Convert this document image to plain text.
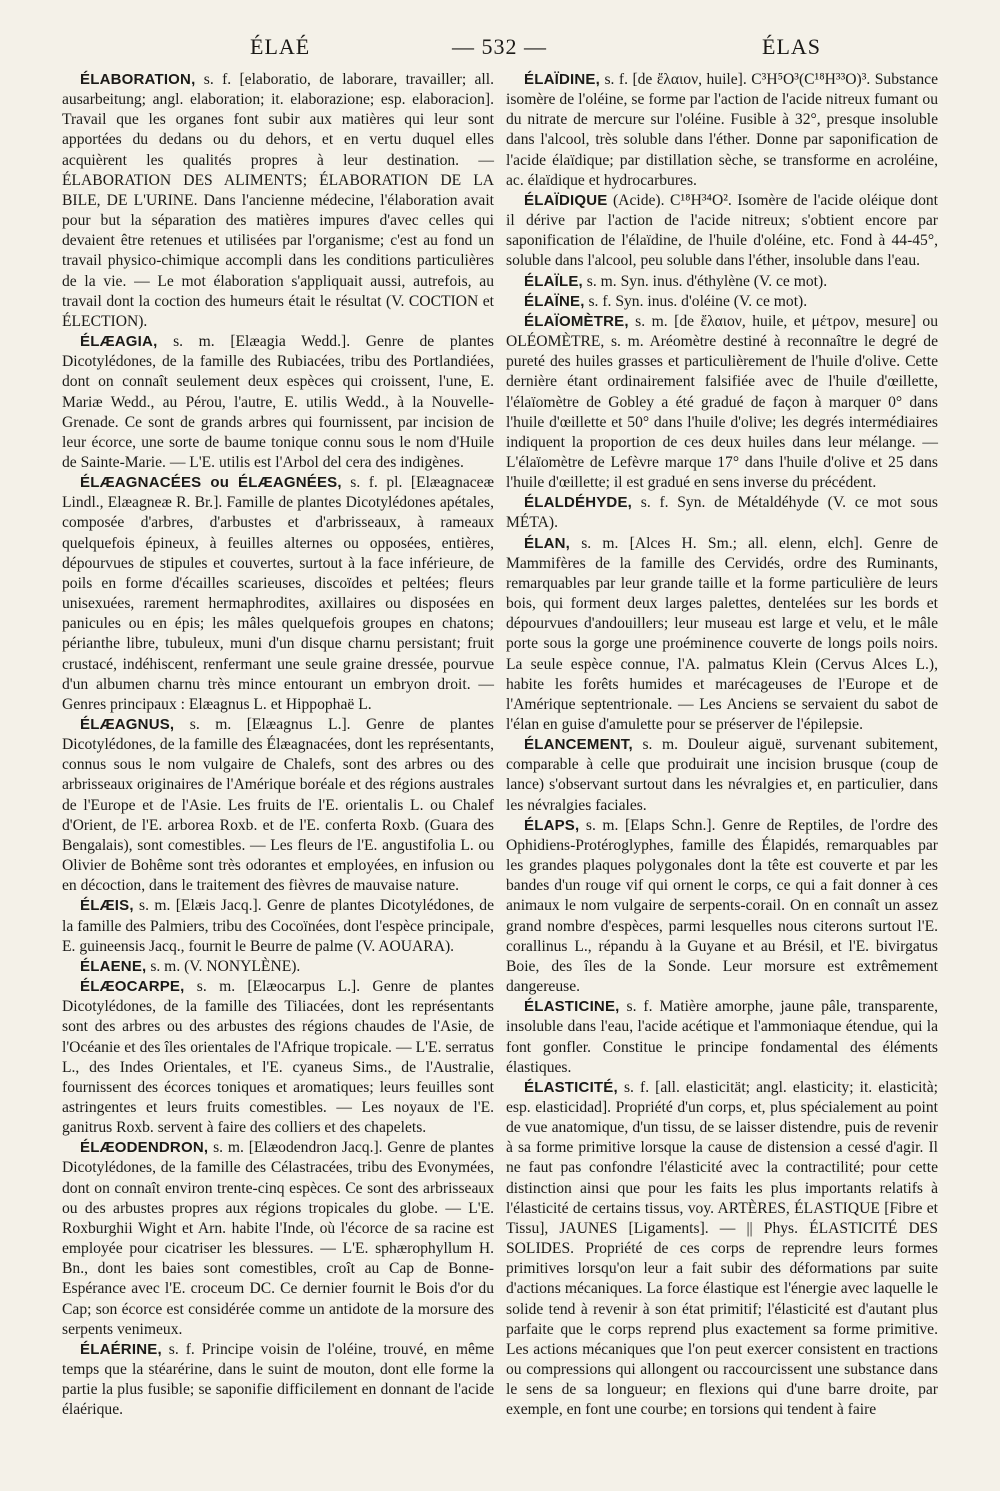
ÉLAÉ	— 532 —	ÉLAS

ÉLABORATION, s. f. [elaboratio, de laborare, travailler; all. ausarbeitung; angl. elaboration; it. elaborazione; esp. elaboracion]. Travail que les organes font subir aux matières qui leur sont apportées du dedans ou du dehors, et en vertu duquel elles acquièrent les qualités propres à leur destination. — ÉLABORATION DES ALIMENTS; ÉLABORATION DE LA BILE, DE L'URINE. Dans l'ancienne médecine, l'élaboration avait pour but la séparation des matières impures d'avec celles qui devaient être retenues et utilisées par l'organisme; c'est au fond un travail physico-chimique accompli dans les conditions particulières de la vie. — Le mot élaboration s'appliquait aussi, autrefois, au travail dont la coction des humeurs était le résultat (V. COCTION et ÉLECTION).

ÉLÆAGIA, s. m. [Elæagia Wedd.]. Genre de plantes Dicotylédones, de la famille des Rubiacées, tribu des Portlandiées, dont on connaît seulement deux espèces qui croissent, l'une, E. Mariæ Wedd., au Pérou, l'autre, E. utilis Wedd., à la Nouvelle-Grenade. Ce sont de grands arbres qui fournissent, par incision de leur écorce, une sorte de baume tonique connu sous le nom d'Huile de Sainte-Marie. — L'E. utilis est l'Arbol del cera des indigènes.

ÉLÆAGNACÉES ou ÉLÆAGNÉES, s. f. pl. [Elæagnaceæ Lindl., Elæagneæ R. Br.]. Famille de plantes Dicotylédones apétales, composée d'arbres, d'arbustes et d'arbrisseaux, à rameaux quelquefois épineux, à feuilles alternes ou opposées, entières, dépourvues de stipules et couvertes, surtout à la face inférieure, de poils en forme d'écailles scarieuses, discoïdes et peltées; fleurs unisexuées, rarement hermaphrodites, axillaires ou disposées en panicules ou en épis; les mâles quelquefois groupes en chatons; périanthe libre, tubuleux, muni d'un disque charnu persistant; fruit crustacé, indéhiscent, renfermant une seule graine dressée, pourvue d'un albumen charnu très mince entourant un embryon droit. — Genres principaux : Elæagnus L. et Hippophaë L.

ÉLÆAGNUS, s. m. [Elæagnus L.]. Genre de plantes Dicotylédones, de la famille des Élæagnacées, dont les représentants, connus sous le nom vulgaire de Chalefs, sont des arbres ou des arbrisseaux originaires de l'Amérique boréale et des régions australes de l'Europe et de l'Asie. Les fruits de l'E. orientalis L. ou Chalef d'Orient, de l'E. arborea Roxb. et de l'E. conferta Roxb. (Guara des Bengalais), sont comestibles. — Les fleurs de l'E. angustifolia L. ou Olivier de Bohême sont très odorantes et employées, en infusion ou en décoction, dans le traitement des fièvres de mauvaise nature.

ÉLÆIS, s. m. [Elæis Jacq.]. Genre de plantes Dicotylédones, de la famille des Palmiers, tribu des Cocoïnées, dont l'espèce principale, E. guineensis Jacq., fournit le Beurre de palme (V. AOUARA).

ÉLAENE, s. m. (V. NONYLÈNE).

ÉLÆOCARPE, s. m. [Elæocarpus L.]. Genre de plantes Dicotylédones, de la famille des Tiliacées, dont les représentants sont des arbres ou des arbustes des régions chaudes de l'Asie, de l'Océanie et des îles orientales de l'Afrique tropicale. — L'E. serratus L., des Indes Orientales, et l'E. cyaneus Sims., de l'Australie, fournissent des écorces toniques et aromatiques; leurs feuilles sont astringentes et leurs fruits comestibles. — Les noyaux de l'E. ganitrus Roxb. servent à faire des colliers et des chapelets.

ÉLÆODENDRON, s. m. [Elæodendron Jacq.]. Genre de plantes Dicotylédones, de la famille des Célastracées, tribu des Evonymées, dont on connaît environ trente-cinq espèces. Ce sont des arbrisseaux ou des arbustes propres aux régions tropicales du globe. — L'E. Roxburghii Wight et Arn. habite l'Inde, où l'écorce de sa racine est employée pour cicatriser les blessures. — L'E. sphærophyllum H. Bn., dont les baies sont comestibles, croît au Cap de Bonne-Espérance avec l'E. croceum DC. Ce dernier fournit le Bois d'or du Cap; son écorce est considérée comme un antidote de la morsure des serpents venimeux.

ÉLAÉRINE, s. f. Principe voisin de l'oléine, trouvé, en même temps que la stéarérine, dans le suint de mouton, dont elle forme la partie la plus fusible; se saponifie difficilement en donnant de l'acide élaérique.

ÉLAÏDINE, s. f. [de ἔλαιον, huile]. C³H⁵O³(C¹⁸H³³O)³. Substance isomère de l'oléine, se forme par l'action de l'acide nitreux fumant ou du nitrate de mercure sur l'oléine. Fusible à 32°, presque insoluble dans l'alcool, très soluble dans l'éther. Donne par saponification de l'acide élaïdique; par distillation sèche, se transforme en acroléine, ac. élaïdique et hydrocarbures.

ÉLAÏDIQUE (Acide). C¹⁸H³⁴O². Isomère de l'acide oléique dont il dérive par l'action de l'acide nitreux; s'obtient encore par saponification de l'élaïdine, de l'huile d'oléine, etc. Fond à 44-45°, soluble dans l'alcool, peu soluble dans l'éther, insoluble dans l'eau.

ÉLAÏLE, s. m. Syn. inus. d'éthylène (V. ce mot).

ÉLAÏNE, s. f. Syn. inus. d'oléine (V. ce mot).

ÉLAÏOMÈTRE, s. m. [de ἔλαιον, huile, et μέτρον, mesure] ou OLÉOMÈTRE, s. m. Aréomètre destiné à reconnaître le degré de pureté des huiles grasses et particulièrement de l'huile d'olive. Cette dernière étant ordinairement falsifiée avec de l'huile d'œillette, l'élaïomètre de Gobley a été gradué de façon à marquer 0° dans l'huile d'œillette et 50° dans l'huile d'olive; les degrés intermédiaires indiquent la proportion de ces deux huiles dans leur mélange. — L'élaïomètre de Lefèvre marque 17° dans l'huile d'olive et 25 dans l'huile d'œillette; il est gradué en sens inverse du précédent.

ÉLALDÉHYDE, s. f. Syn. de Métaldéhyde (V. ce mot sous MÉTA).

ÉLAN, s. m. [Alces H. Sm.; all. elenn, elch]. Genre de Mammifères de la famille des Cervidés, ordre des Ruminants, remarquables par leur grande taille et la forme particulière de leurs bois, qui forment deux larges palettes, dentelées sur les bords et dépourvues d'andouillers; leur museau est large et velu, et le mâle porte sous la gorge une proéminence couverte de longs poils noirs. La seule espèce connue, l'A. palmatus Klein (Cervus Alces L.), habite les forêts humides et marécageuses de l'Europe et de l'Amérique septentrionale. — Les Anciens se servaient du sabot de l'élan en guise d'amulette pour se préserver de l'épilepsie.

ÉLANCEMENT, s. m. Douleur aiguë, survenant subitement, comparable à celle que produirait une incision brusque (coup de lance) s'observant surtout dans les névralgies et, en particulier, dans les névralgies faciales.

ÉLAPS, s. m. [Elaps Schn.]. Genre de Reptiles, de l'ordre des Ophidiens-Protéroglyphes, famille des Élapidés, remarquables par les grandes plaques polygonales dont la tête est couverte et par les bandes d'un rouge vif qui ornent le corps, ce qui a fait donner à ces animaux le nom vulgaire de serpents-corail. On en connaît un assez grand nombre d'espèces, parmi lesquelles nous citerons surtout l'E. corallinus L., répandu à la Guyane et au Brésil, et l'E. bivirgatus Boie, des îles de la Sonde. Leur morsure est extrêmement dangereuse.

ÉLASTICINE, s. f. Matière amorphe, jaune pâle, transparente, insoluble dans l'eau, l'acide acétique et l'ammoniaque étendue, qui la font gonfler. Constitue le principe fondamental des éléments élastiques.

ÉLASTICITÉ, s. f. [all. elasticität; angl. elasticity; it. elasticità; esp. elasticidad]. Propriété d'un corps, et, plus spécialement au point de vue anatomique, d'un tissu, de se laisser distendre, puis de revenir à sa forme primitive lorsque la cause de distension a cessé d'agir. Il ne faut pas confondre l'élasticité avec la contractilité; pour cette distinction ainsi que pour les faits les plus importants relatifs à l'élasticité de certains tissus, voy. ARTÈRES, ÉLASTIQUE [Fibre et Tissu], JAUNES [Ligaments]. — || Phys. ÉLASTICITÉ DES SOLIDES. Propriété de ces corps de reprendre leurs formes primitives lorsqu'on leur a fait subir des déformations par suite d'actions mécaniques. La force élastique est l'énergie avec laquelle le solide tend à revenir à son état primitif; l'élasticité est d'autant plus parfaite que le corps reprend plus exactement sa forme primitive. Les actions mécaniques que l'on peut exercer consistent en tractions ou compressions qui allongent ou raccourcissent une substance dans le sens de sa longueur; en flexions qui d'une barre droite, par exemple, en font une courbe; en torsions qui tendent à faire
